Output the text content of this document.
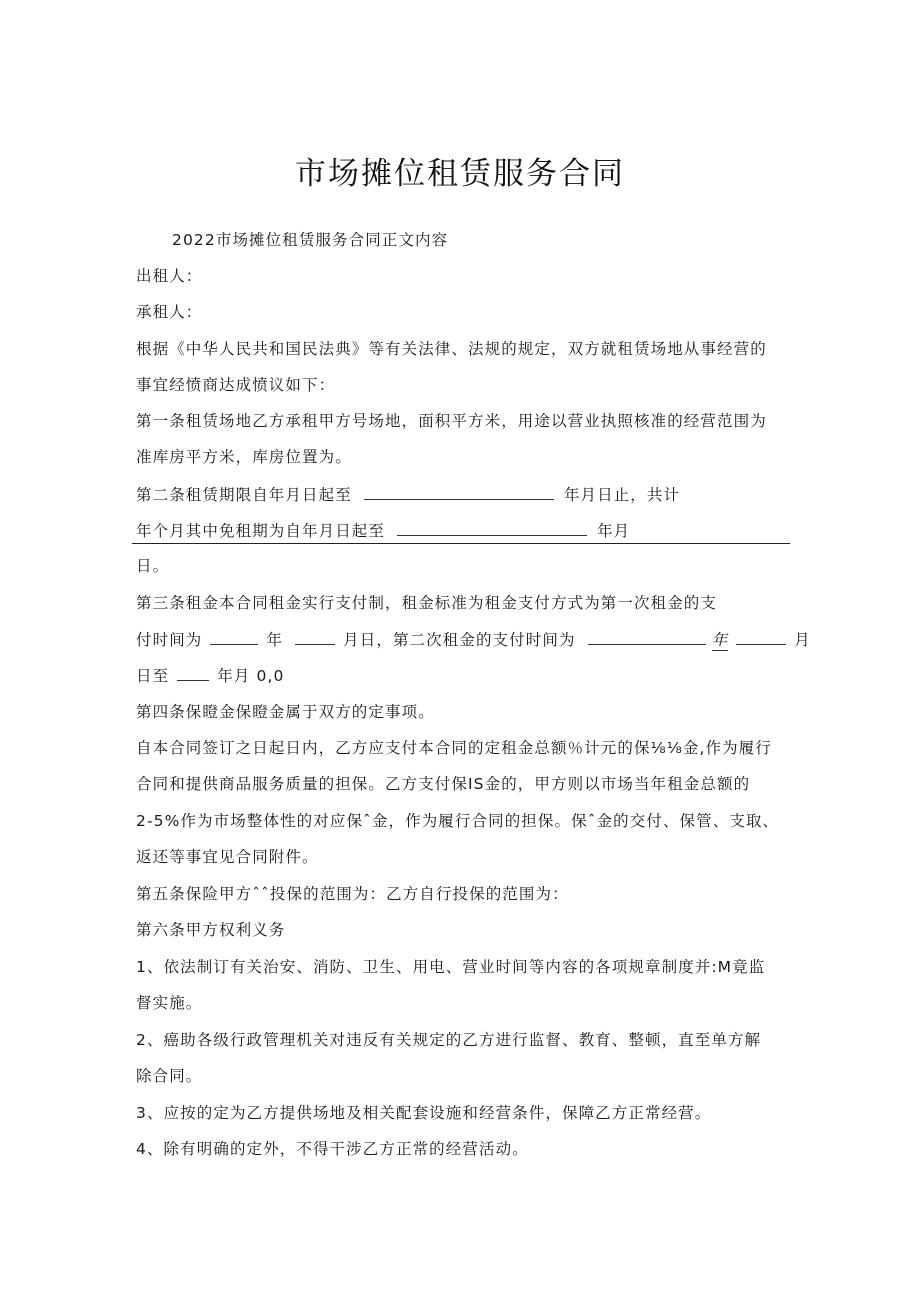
市场摊位租赁服务合同
2022市场摊位租赁服务合同正文内容
出租人：
承租人：
根据《中华人民共和国民法典》等有关法律、法规的规定，双方就租赁场地从事经营的
事宜经愤商达成愤议如下：
第一条租赁场地乙方承租甲方号场地，面积平方米，用途以营业执照核准的经营范围为
准库房平方米，库房位置为。
第二条租赁期限自年月日起至	年月日止，共计
年个月其中免租期为自年月日起至	年月
日。
第三条租金本合同租金实行支付制，租金标准为租金支付方式为第一次租金的支
付时间为	年	月日，第二次租金的支付时间为	年	月
日至	年月 0,0
第四条保瞪金保瞪金属于双方的定事项。
自本合同签订之日起日内，乙方应支付本合同的定租金总额％计元的保⅛⅛金,作为履行
合同和提供商品服务质量的担保。乙方支付保IS金的，甲方则以市场当年租金总额的
2-5%作为市场整体性的对应保ˆ金，作为履行合同的担保。保ˆ金的交付、保管、支取、
返还等事宜见合同附件。
第五条保险甲方ˆˆ投保的范围为：乙方自行投保的范围为：
第六条甲方权利义务
1、依法制订有关治安、消防、卫生、用电、营业时间等内容的各项规章制度并:M竟监
督实施。
2、癌助各级行政管理机关对违反有关规定的乙方进行监督、教育、整顿，直至单方解
除合同。
3、应按的定为乙方提供场地及相关配套设施和经营条件，保障乙方正常经营。
4、除有明确的定外，不得干涉乙方正常的经营活动。
